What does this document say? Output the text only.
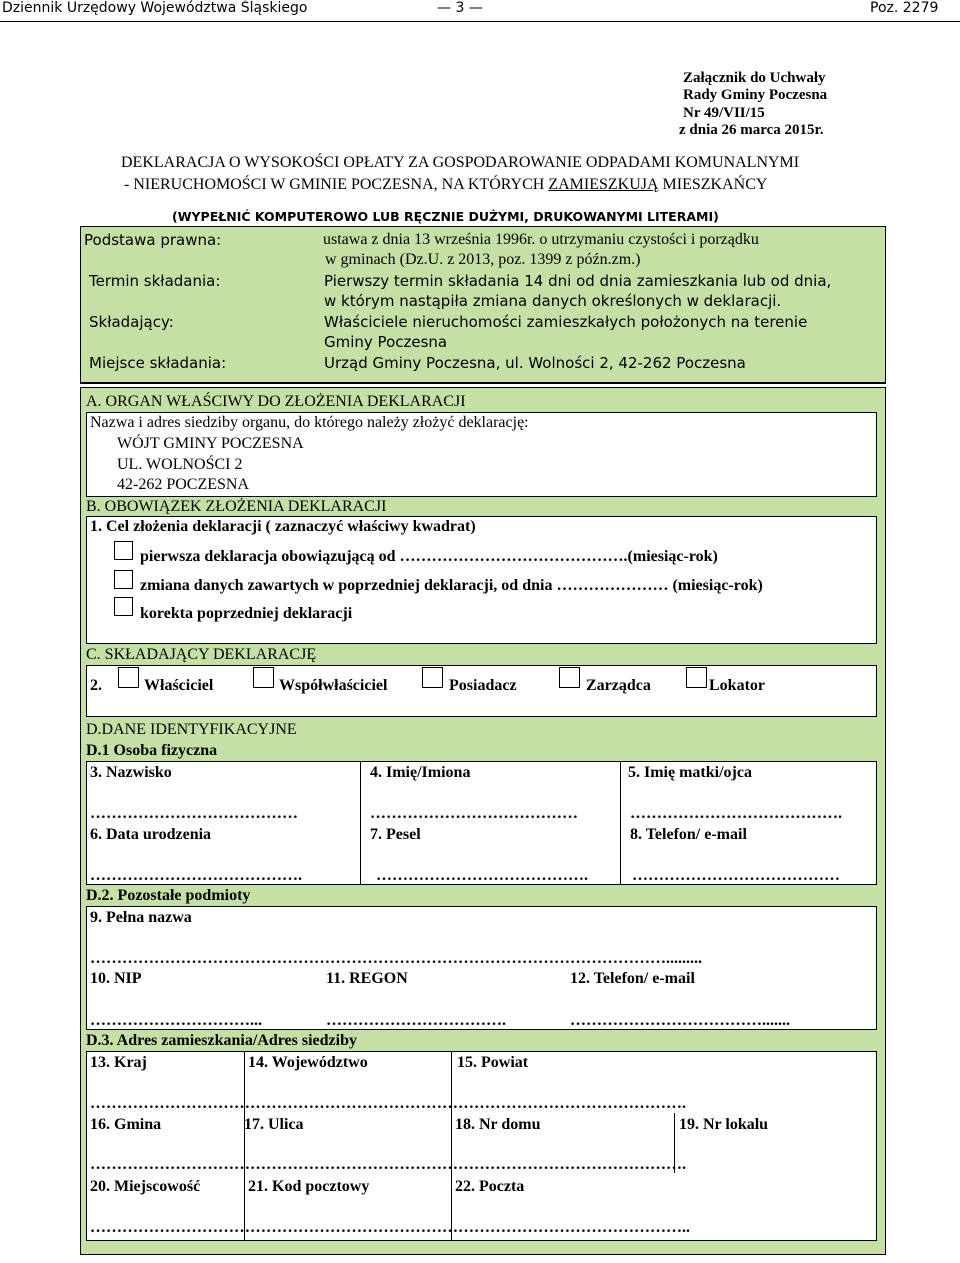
Dziennik Urzędowy Województwa Śląskiego	— 3 —	Poz. 2279
Załącznik do Uchwały
Rady Gminy Poczesna
Nr 49/VII/15
z dnia 26 marca 2015r.
DEKLARACJA O WYSOKOŚCI OPŁATY ZA GOSPODAROWANIE ODPADAMI KOMUNALNYMI
- NIERUCHOMOŚCI W GMINIE POCZESNA, NA KTÓRYCH ZAMIESZKUJĄ MIESZKAŃCY
(WYPEŁNIĆ KOMPUTEROWO LUB RĘCZNIE DUŻYMI, DRUKOWANYMI LITERAMI)
Podstawa prawna:	ustawa z dnia 13 września 1996r. o utrzymaniu czystości i porządku
w gminach (Dz.U. z 2013, poz. 1399 z późn.zm.)
Termin składania:	Pierwszy termin składania 14 dni od dnia zamieszkania lub od dnia,
w którym nastąpiła zmiana danych określonych w deklaracji.
Składający:	Właściciele nieruchomości zamieszkałych położonych na terenie
Gminy Poczesna
Miejsce składania:	Urząd Gminy Poczesna, ul. Wolności 2, 42-262 Poczesna
A. ORGAN WŁAŚCIWY DO ZŁOŻENIA DEKLARACJI
Nazwa i adres siedziby organu, do którego należy złożyć deklarację:
WÓJT GMINY POCZESNA
UL. WOLNOŚCI 2
42-262 POCZESNA
B. OBOWIĄZEK ZŁOŻENIA DEKLARACJI
1. Cel złożenia deklaracji ( zaznaczyć właściwy kwadrat)
pierwsza deklaracja obowiązującą od …………………………………….(miesiąc-rok)
zmiana danych zawartych w poprzedniej deklaracji, od dnia ………………… (miesiąc-rok)
korekta poprzedniej deklaracji
C. SKŁADAJĄCY DEKLARACJĘ
2.	Właściciel	Współwłaściciel	Posiadacz	Zarządca	Lokator
D.DANE IDENTYFIKACYJNE
D.1 Osoba fizyczna
3. Nazwisko	4. Imię/Imiona	5. Imię matki/ojca
…………………………………	…………………………………	………………………………….
6. Data urodzenia	7. Pesel	8. Telefon/ e-mail
………………………………….	………………………………….	…………………………………
D.2. Pozostałe podmioty
9. Pełna nazwa
……………………………………………………………………………………………….........
10. NIP	11. REGON	12. Telefon/ e-mail
…………………………...	…………………………….	……………………………….......
D.3. Adres zamieszkania/Adres siedziby
13. Kraj	14. Województwo	15. Powiat
………………………………………………………………………………………………….
16. Gmina	17. Ulica	18. Nr domu	19. Nr lokalu
………………………………………………………………………………………………….
20. Miejscowość	21. Kod pocztowy	22. Poczta
…………………………………………………………………………………………………..
